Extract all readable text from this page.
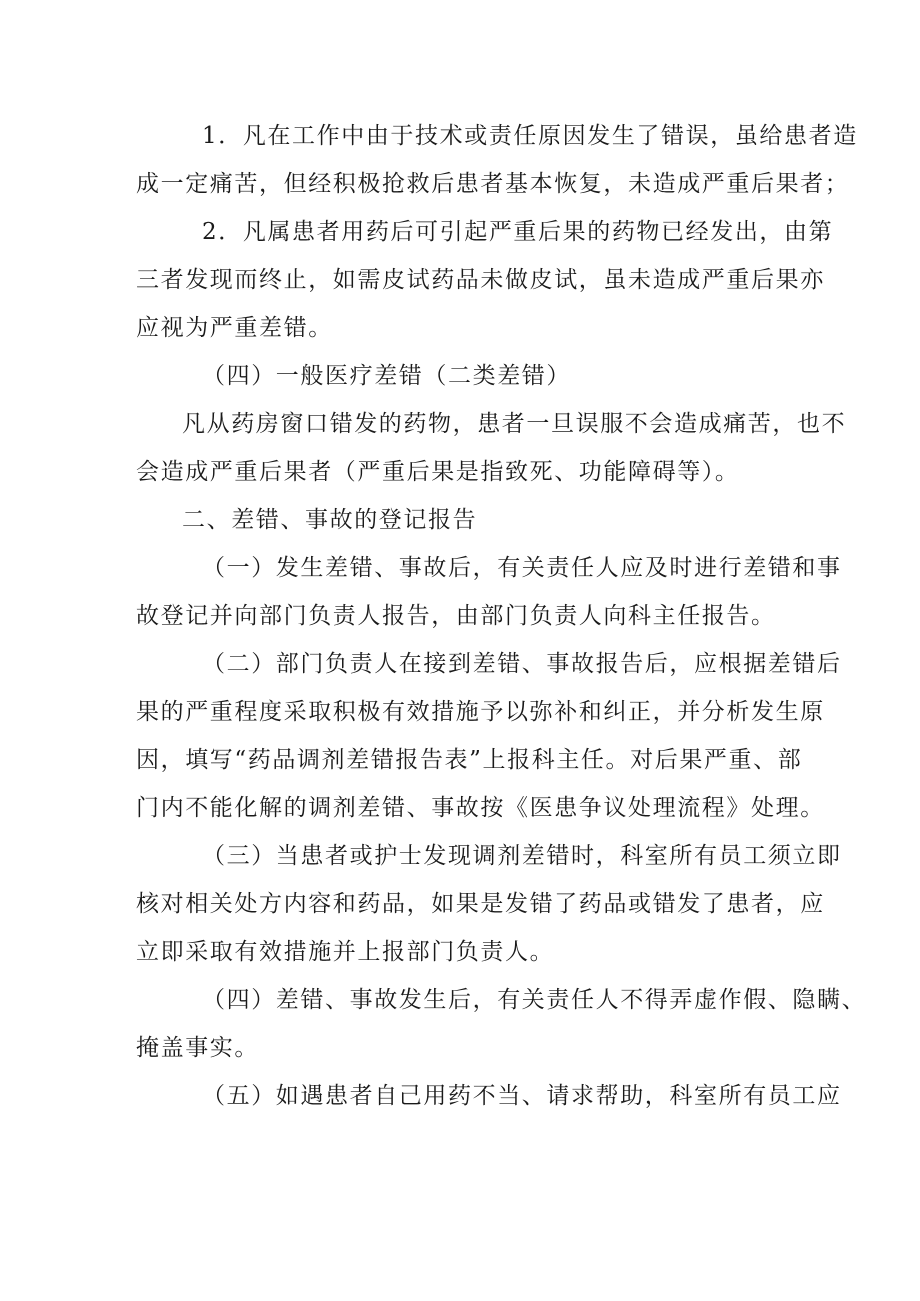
1．凡在工作中由于技术或责任原因发生了错误，虽给患者造
成一定痛苦，但经积极抢救后患者基本恢复，未造成严重后果者；
2．凡属患者用药后可引起严重后果的药物已经发出，由第
三者发现而终止，如需皮试药品未做皮试，虽未造成严重后果亦
应视为严重差错。
（四）一般医疗差错（二类差错）
凡从药房窗口错发的药物，患者一旦误服不会造成痛苦，也不
会造成严重后果者（严重后果是指致死、功能障碍等）。
二、差错、事故的登记报告
（一）发生差错、事故后，有关责任人应及时进行差错和事
故登记并向部门负责人报告，由部门负责人向科主任报告。
（二）部门负责人在接到差错、事故报告后，应根据差错后
果的严重程度采取积极有效措施予以弥补和纠正，并分析发生原
因，填写“药品调剂差错报告表”上报科主任。对后果严重、部
门内不能化解的调剂差错、事故按《医患争议处理流程》处理。
（三）当患者或护士发现调剂差错时，科室所有员工须立即
核对相关处方内容和药品，如果是发错了药品或错发了患者，应
立即采取有效措施并上报部门负责人。
（四）差错、事故发生后，有关责任人不得弄虚作假、隐瞒、
掩盖事实。
（五）如遇患者自己用药不当、请求帮助，科室所有员工应
